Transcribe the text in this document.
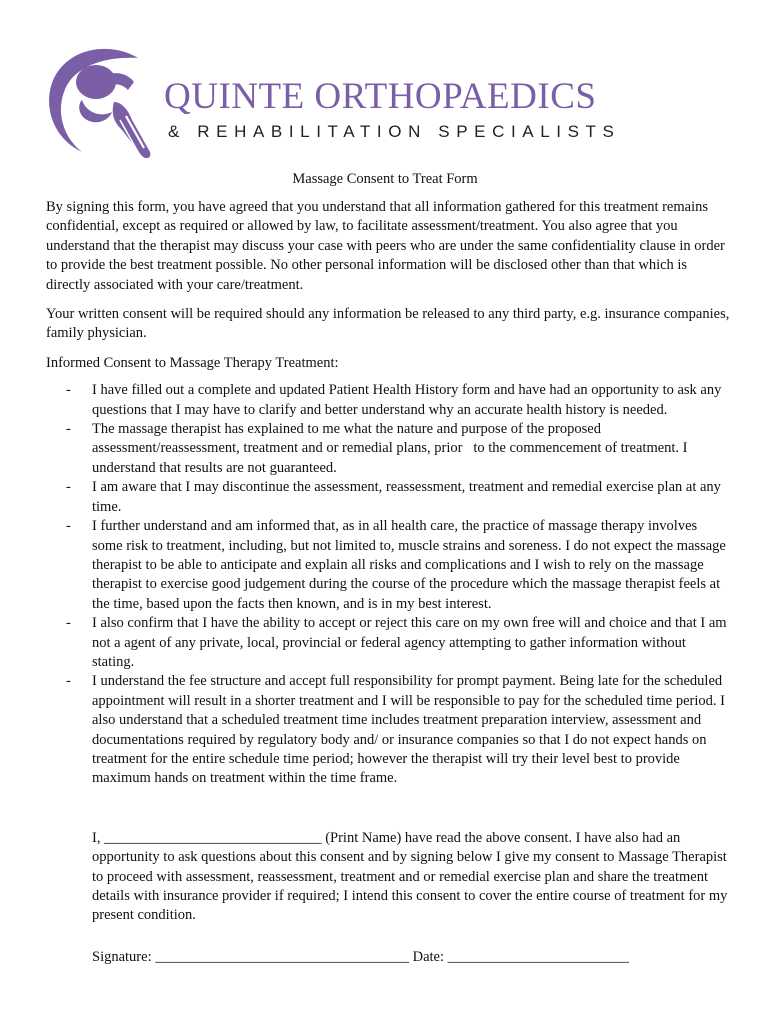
QUINTE ORTHOPAEDICS
& REHABILITATION SPECIALISTS
Massage Consent to Treat Form

By signing this form, you have agreed that you understand that all information gathered for this treatment remains confidential, except as required or allowed by law, to facilitate assessment/treatment. You also agree that you understand that the therapist may discuss your case with peers who are under the same confidentiality clause in order to provide the best treatment possible. No other personal information will be disclosed other than that which is directly associated with your care/treatment.

Your written consent will be required should any information be released to any third party, e.g. insurance companies, family physician.

Informed Consent to Massage Therapy Treatment:

- I have filled out a complete and updated Patient Health History form and have had an opportunity to ask any questions that I may have to clarify and better understand why an accurate health history is needed.
- The massage therapist has explained to me what the nature and purpose of the proposed assessment/reassessment, treatment and or remedial plans, prior   to the commencement of treatment. I understand that results are not guaranteed.
- I am aware that I may discontinue the assessment, reassessment, treatment and remedial exercise plan at any time.
- I further understand and am informed that, as in all health care, the practice of massage therapy involves some risk to treatment, including, but not limited to, muscle strains and soreness. I do not expect the massage therapist to be able to anticipate and explain all risks and complications and I wish to rely on the massage therapist to exercise good judgement during the course of the procedure which the massage therapist feels at the time, based upon the facts then known, and is in my best interest.
- I also confirm that I have the ability to accept or reject this care on my own free will and choice and that I am not a agent of any private, local, provincial or federal agency attempting to gather information without stating.
- I understand the fee structure and accept full responsibility for prompt payment. Being late for the scheduled appointment will result in a shorter treatment and I will be responsible to pay for the scheduled time period. I also understand that a scheduled treatment time includes treatment preparation interview, assessment and documentations required by regulatory body and/ or insurance companies so that I do not expect hands on treatment for the entire schedule time period; however the therapist will try their level best to provide maximum hands on treatment within the time frame.

I, ______________________________ (Print Name) have read the above consent. I have also had an opportunity to ask questions about this consent and by signing below I give my consent to Massage Therapist to proceed with assessment, reassessment, treatment and or remedial exercise plan and share the treatment details with insurance provider if required; I intend this consent to cover the entire course of treatment for my present condition.

Signature: ___________________________________ Date: _________________________
